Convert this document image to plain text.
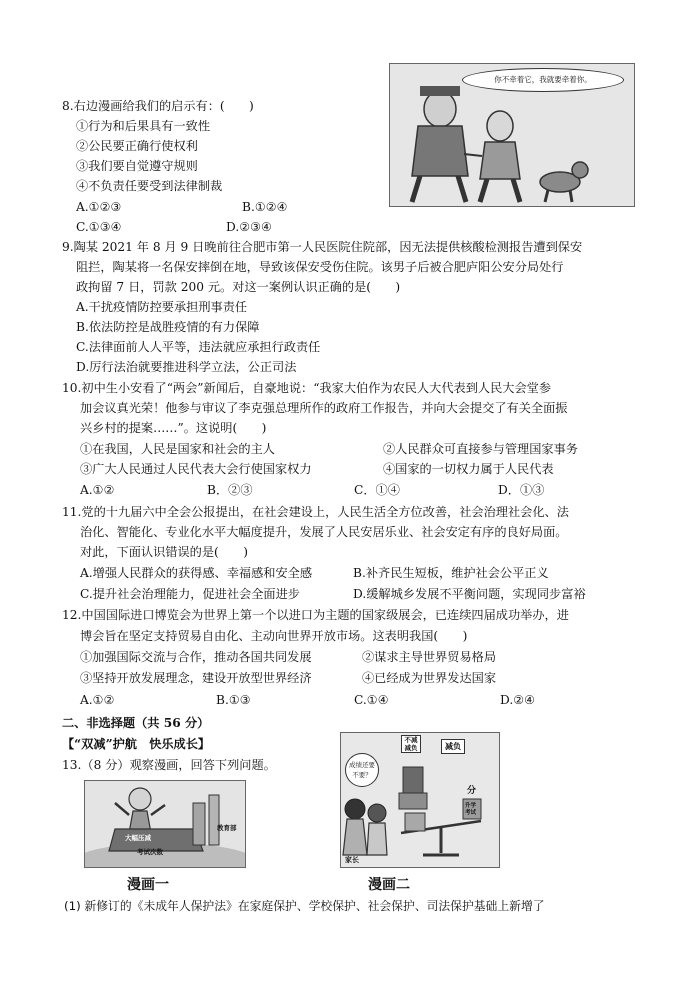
8.右边漫画给我们的启示有：(　　)
①行为和后果具有一致性
②公民要正确行使权利
③我们要自觉遵守规则
④不负责任要受到法律制裁
A.①②③	B.①②④
C.①③④	D.②③④
你不牵着它，我就要牵着你。
9.陶某 2021 年 8 月 9 日晚前往合肥市第一人民医院住院部，因无法提供核酸检测报告遭到保安
阻拦，陶某将一名保安摔倒在地，导致该保安受伤住院。该男子后被合肥庐阳公安分局处行
政拘留 7 日，罚款 200 元。对这一案例认识正确的是(　　)
A.干扰疫情防控要承担刑事责任
B.依法防控是战胜疫情的有力保障
C.法律面前人人平等，违法就应承担行政责任
D.厉行法治就要推进科学立法，公正司法
10.初中生小安看了“两会”新闻后，自豪地说：“我家大伯作为农民人大代表到人民大会堂参
加会议真光荣！他参与审议了李克强总理所作的政府工作报告，并向大会提交了有关全面振
兴乡村的提案……”。这说明(　　)
①在我国，人民是国家和社会的主人	②人民群众可直接参与管理国家事务
③广大人民通过人民代表大会行使国家权力	④国家的一切权力属于人民代表
A.①②	B．②③	C．①④	D．①③
11.党的十九届六中全会公报提出，在社会建设上，人民生活全方位改善，社会治理社会化、法
治化、智能化、专业化水平大幅度提升，发展了人民安居乐业、社会安定有序的良好局面。
对此，下面认识错误的是(　　)
A.增强人民群众的获得感、幸福感和安全感	B.补齐民生短板，维护社会公平正义
C.提升社会治理能力，促进社会全面进步	D.缓解城乡发展不平衡问题，实现同步富裕
12.中国国际进口博览会为世界上第一个以进口为主题的国家级展会，已连续四届成功举办，进
博会旨在坚定支持贸易自由化、主动向世界开放市场。这表明我国(　　)
①加强国际交流与合作，推动各国共同发展	②谋求主导世界贸易格局
③坚持开放发展理念，建设开放型世界经济	④已经成为世界发达国家
A.①②	B.①③	C.①④	D.②④
二、非选择题（共 56 分）
【“双减”护航　快乐成长】
13.（8 分）观察漫画，回答下列问题。
大幅压减
考试次数
教育部
成绩还要不要？
不减减负	减负
分
升学考试
家长
漫画一	漫画二
(1) 新修订的《未成年人保护法》在家庭保护、学校保护、社会保护、司法保护基础上新增了
